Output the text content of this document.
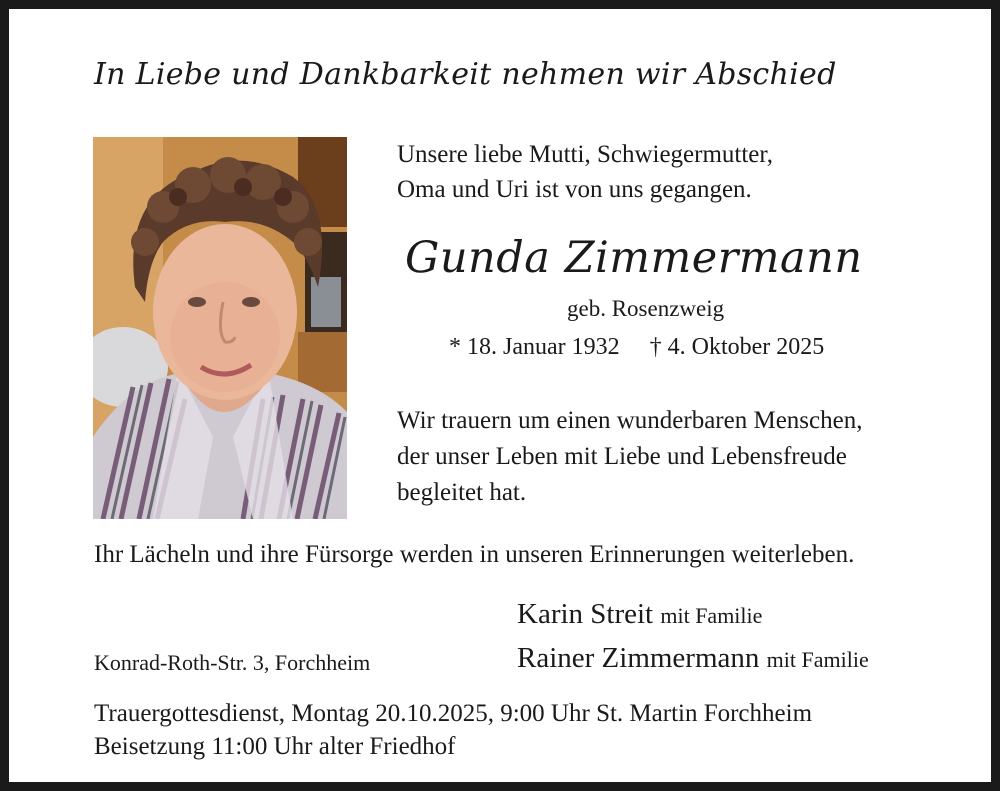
In Liebe und Dankbarkeit nehmen wir Abschied
Unsere liebe Mutti, Schwiegermutter,
Oma und Uri ist von uns gegangen.
Gunda Zimmermann
geb. Rosenzweig
* 18. Januar 1932 † 4. Oktober 2025
Wir trauern um einen wunderbaren Menschen,
der unser Leben mit Liebe und Lebensfreude
begleitet hat.
Ihr Lächeln und ihre Fürsorge werden in unseren Erinnerungen weiterleben.
Karin Streit mit Familie
Konrad-Roth-Str. 3, Forchheim	Rainer Zimmermann mit Familie
Trauergottesdienst, Montag 20.10.2025, 9:00 Uhr St. Martin Forchheim
Beisetzung 11:00 Uhr alter Friedhof
